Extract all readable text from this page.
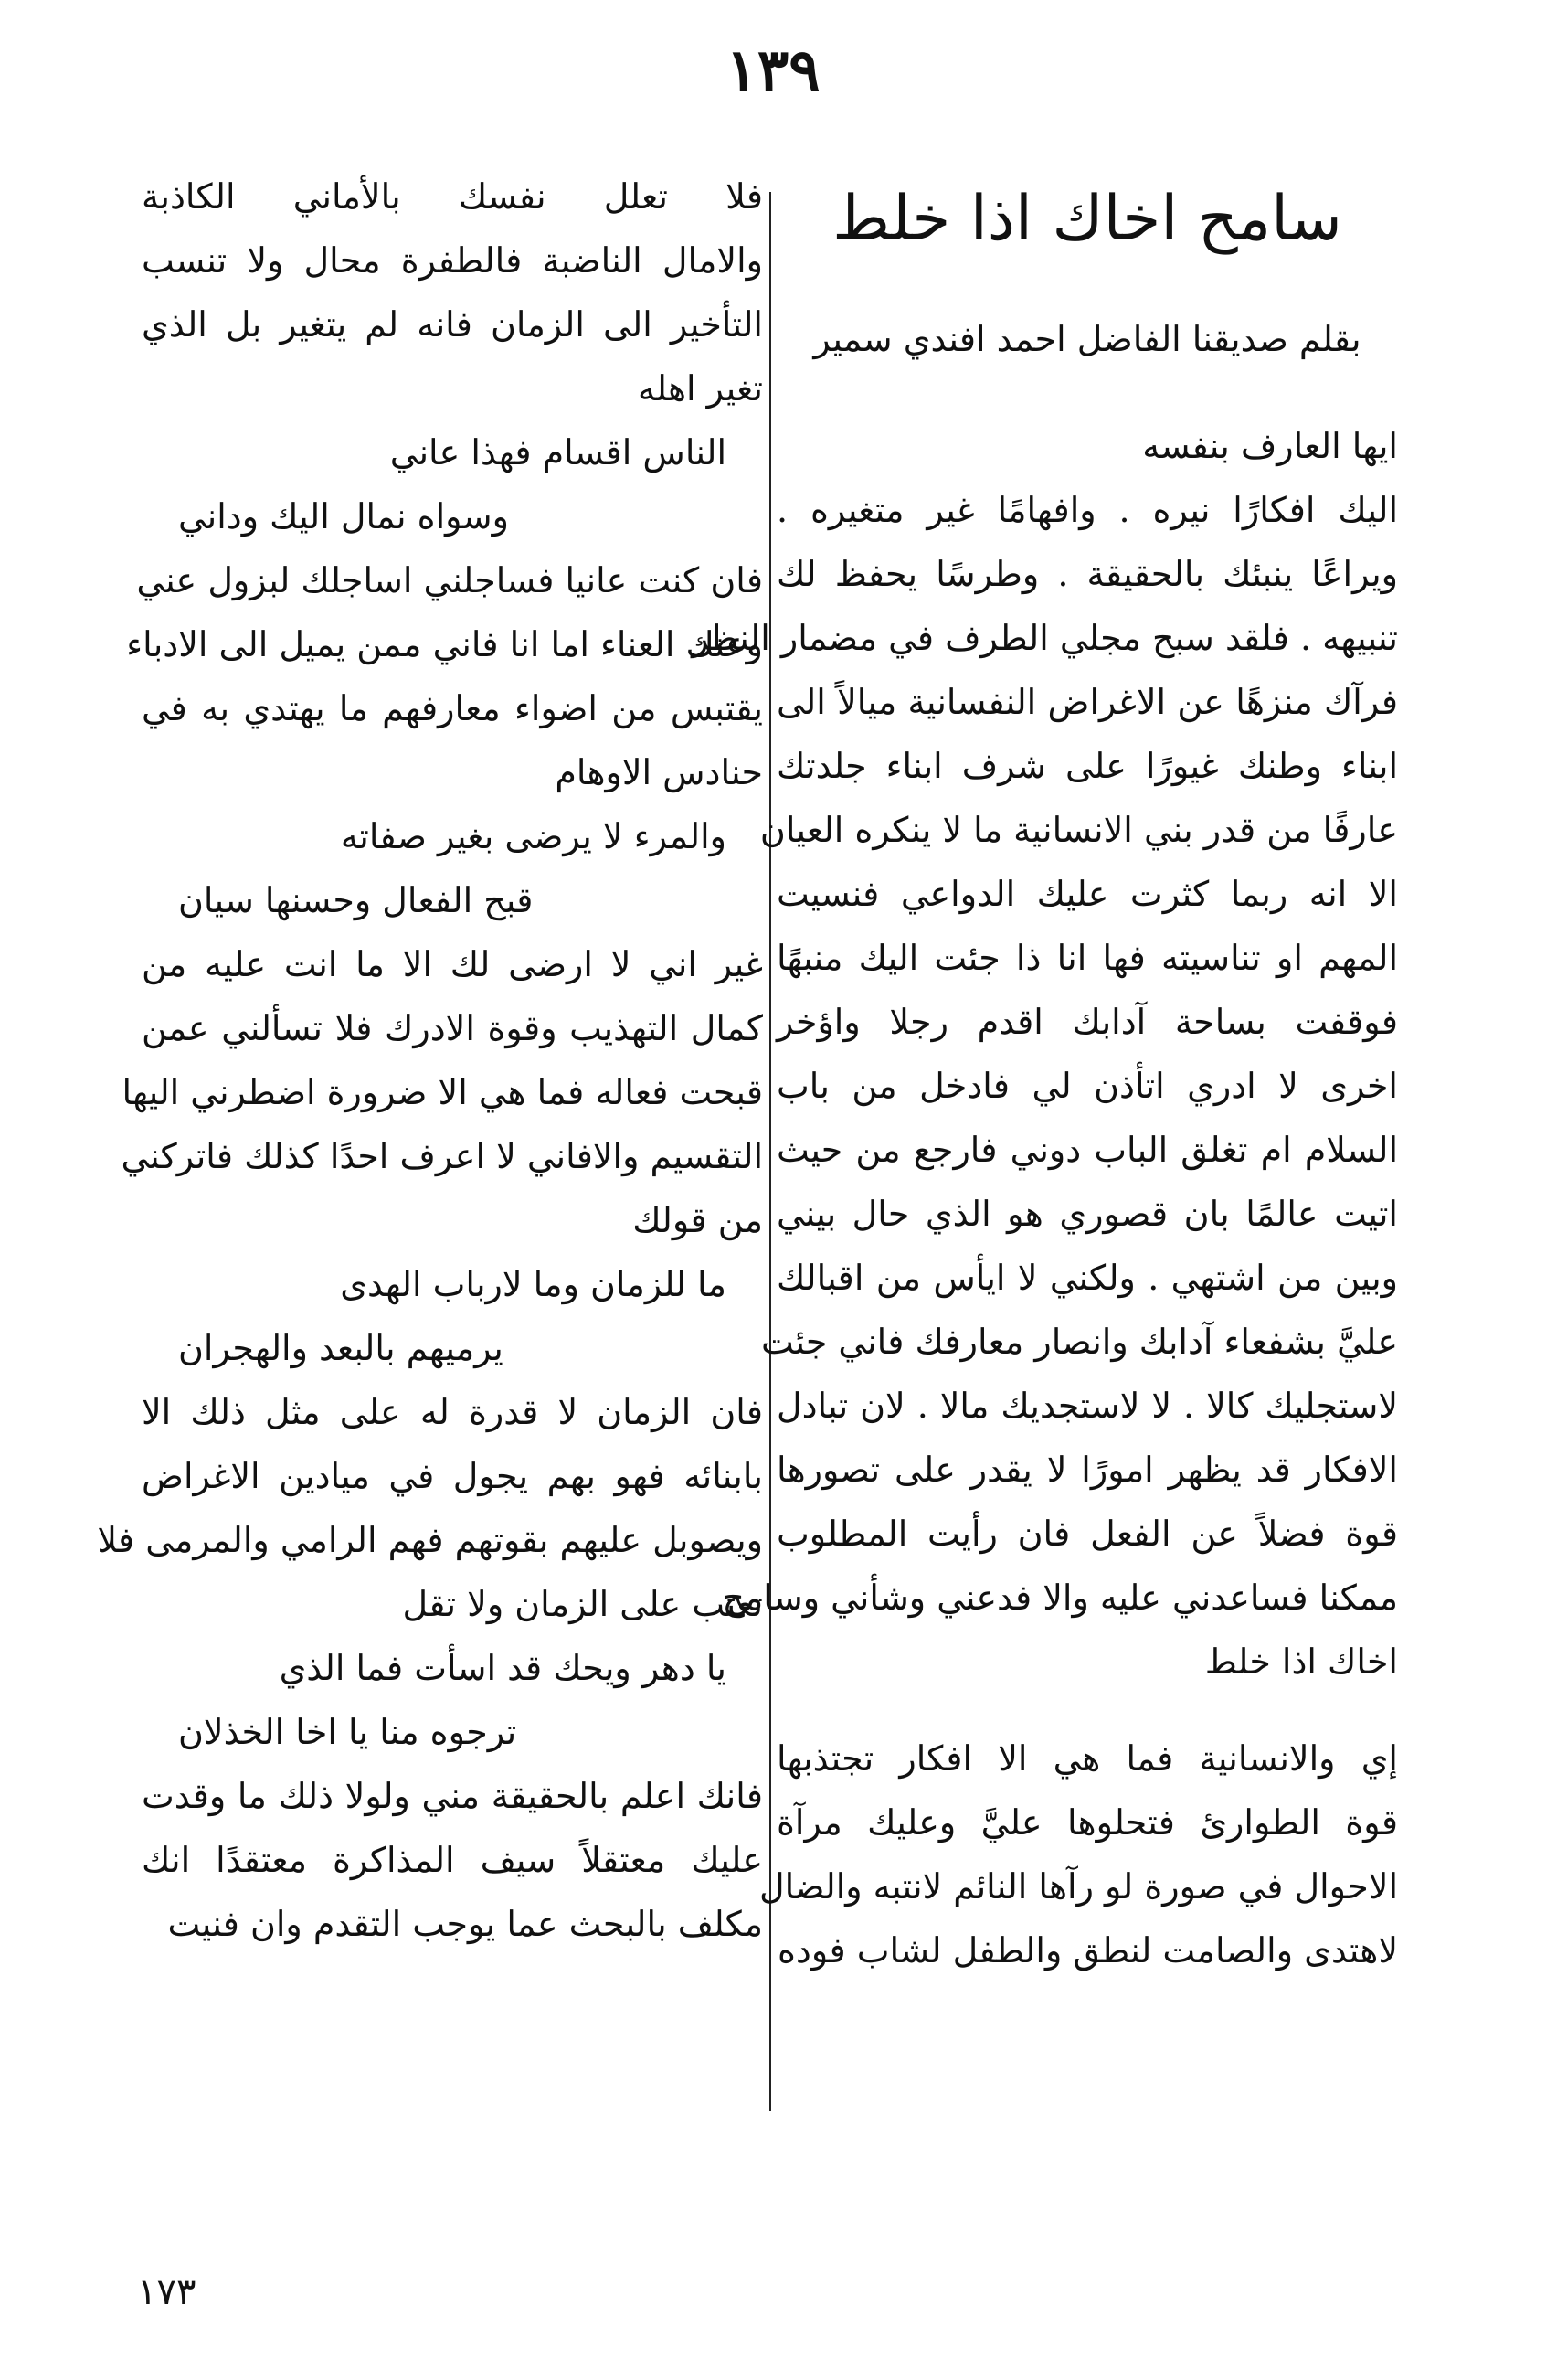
١٣٩
سامح اخاك اذا خلط
بقلم صديقنا الفاضل احمد افندي سمير
ايها العارف بنفسه
اليك افكارًا نيره . وافهامًا غير متغيره .
ويراعًا ينبئك بالحقيقة . وطرسًا يحفظ لك
تنبيهه . فلقد سبح مجلي الطرف في مضمار النظر
فرآك منزهًا عن الاغراض النفسانية ميالاً الى
ابناء وطنك غيورًا على شرف ابناء جلدتك
عارفًا من قدر بني الانسانية ما لا ينكره العيان
الا انه ربما كثرت عليك الدواعي فنسيت
المهم او تناسيته فها انا ذا جئت اليك منبهًا
فوقفت بساحة آدابك اقدم رجلا واؤخر
اخرى لا ادري اتأذن لي فادخل من باب
السلام ام تغلق الباب دوني فارجع من حيث
اتيت عالمًا بان قصوري هو الذي حال بيني
وبين من اشتهي . ولكني لا ايأس من اقبالك
عليَّ بشفعاء آدابك وانصار معارفك فاني جئت
لاستجليك كالا . لا لاستجديك مالا . لان تبادل
الافكار قد يظهر امورًا لا يقدر على تصورها
قوة فضلاً عن الفعل فان رأيت المطلوب
ممكنا فساعدني عليه والا فدعني وشأني وسامح
اخاك اذا خلط
إي والانسانية فما هي الا افكار تجتذبها
قوة الطوارئ فتحلوها عليَّ وعليك مرآة
الاحوال في صورة لو رآها النائم لانتبه والضال
لاهتدى والصامت لنطق والطفل لشاب فوده
فلا تعلل نفسك بالأماني الكاذبة
والامال الناضبة فالطفرة محال ولا تنسب
التأخير الى الزمان فانه لم يتغير بل الذي
تغير اهله
الناس اقسام فهذا عاني
وسواه نمال اليك وداني
فان كنت عانيا فساجلني اساجلك لبزول عني
وعنك العناء اما انا فاني ممن يميل الى الادباء
يقتبس من اضواء معارفهم ما يهتدي به في
حنادس الاوهام
والمرء لا يرضى بغير صفاته
قبح الفعال وحسنها سيان
غير اني لا ارضى لك الا ما انت عليه من
كمال التهذيب وقوة الادرك فلا تسألني عمن
قبحت فعاله فما هي الا ضرورة اضطرني اليها
التقسيم والافاني لا اعرف احدًا كذلك فاتركني
من قولك
ما للزمان وما لارباب الهدى
يرميهم بالبعد والهجران
فان الزمان لا قدرة له على مثل ذلك الا
بابنائه فهو بهم يجول في ميادين الاغراض
ويصوبل عليهم بقوتهم فهم الرامي والمرمى فلا
تعتب على الزمان ولا تقل
يا دهر ويحك قد اسأت فما الذي
ترجوه منا يا اخا الخذلان
فانك اعلم بالحقيقة مني ولولا ذلك ما وقدت
عليك معتقلاً سيف المذاكرة معتقدًا انك
مكلف بالبحث عما يوجب التقدم وان فنيت
١٧٣
